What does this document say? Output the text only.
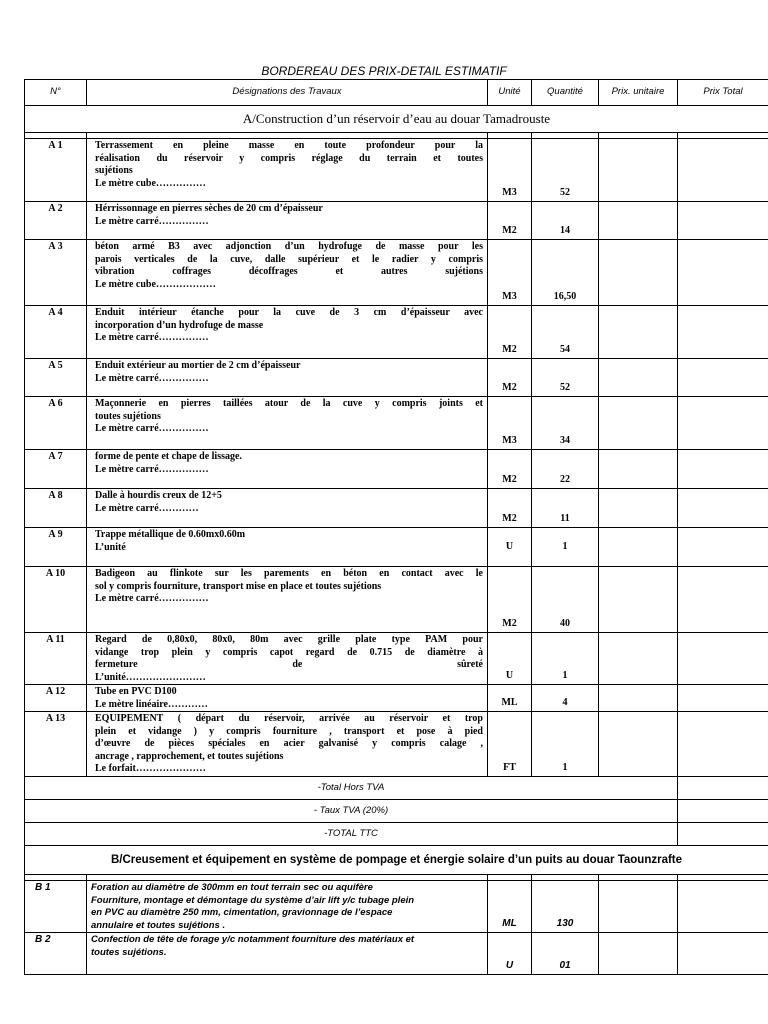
BORDEREAU DES PRIX-DETAIL ESTIMATIF
N°	Désignations des Travaux	Unité	Quantité	Prix. unitaire	Prix Total
A/Construction d’un réservoir d’eau au douar Tamadrouste					

A 1	Terrassement en pleine masse en toute profondeur pour la
réalisation du réservoir y compris réglage du terrain et toutes
sujétions
Le mètre cube……………	M3	52		
A 2	Hérrissonnage en pierres sèches de 20 cm d’épaisseur
Le mètre carré……………	M2	14		
A 3	béton armé B3 avec adjonction d’un hydrofuge de masse pour les
parois verticales de la cuve, dalle supérieur et le radier y compris
vibration coffrages décoffrages et autres sujétions
Le mètre cube………………	M3	16,50		
A 4	Enduit intérieur étanche pour la cuve de 3 cm d’épaisseur avec
incorporation d’un hydrofuge de masse
Le mètre carré……………	M2	54		
A 5	Enduit extérieur au mortier de 2 cm d’épaisseur
Le mètre carré……………	M2	52		
A 6	Maçonnerie en pierres taillées atour de la cuve y compris joints et
toutes sujétions
Le mètre carré……………	M3	34		
A 7	forme de pente et chape de lissage.
Le mètre carré……………	M2	22		
A 8	Dalle à hourdis creux de 12+5
Le mètre carré…………	M2	11		
A 9	Trappe métallique de 0.60mx0.60m
L’unité	U	1		
A 10	Badigeon au flinkote sur les parements en béton en contact avec le
sol y compris fourniture, transport mise en place et toutes sujétions
Le mètre carré……………	M2	40		
A 11	Regard de 0,80x0, 80x0, 80m avec grille plate type PAM pour
vidange trop plein y compris capot regard de 0.715 de diamètre à
fermeture de sûreté
L’unité……………………	U	1		
A 12	Tube en PVC D100
Le mètre linéaire…………	ML	4		
A 13	EQUIPEMENT ( départ du réservoir, arrivée au réservoir et trop
plein et vidange ) y compris fourniture , transport et pose à pied
d’œuvre de pièces spéciales en acier galvanisé y compris calage ,
ancrage , rapprochement, et toutes sujétions
Le forfait…………………	FT	1		
-Total Hors TVA					
- Taux TVA (20%)					
-TOTAL TTC					
B/Creusement et équipement en système de pompage et énergie solaire d’un puits au douar Taounzrafte					

B 1	Foration au diamètre de 300mm en tout terrain sec ou aquifère
Fourniture, montage et démontage du système d’air lift y/c tubage plein
en PVC au diamètre 250 mm, cimentation, gravionnage de l’espace
annulaire et toutes sujétions .	ML	130		
B 2	Confection de tête de forage y/c notamment fourniture des matériaux et
toutes sujétions.	U	01		
